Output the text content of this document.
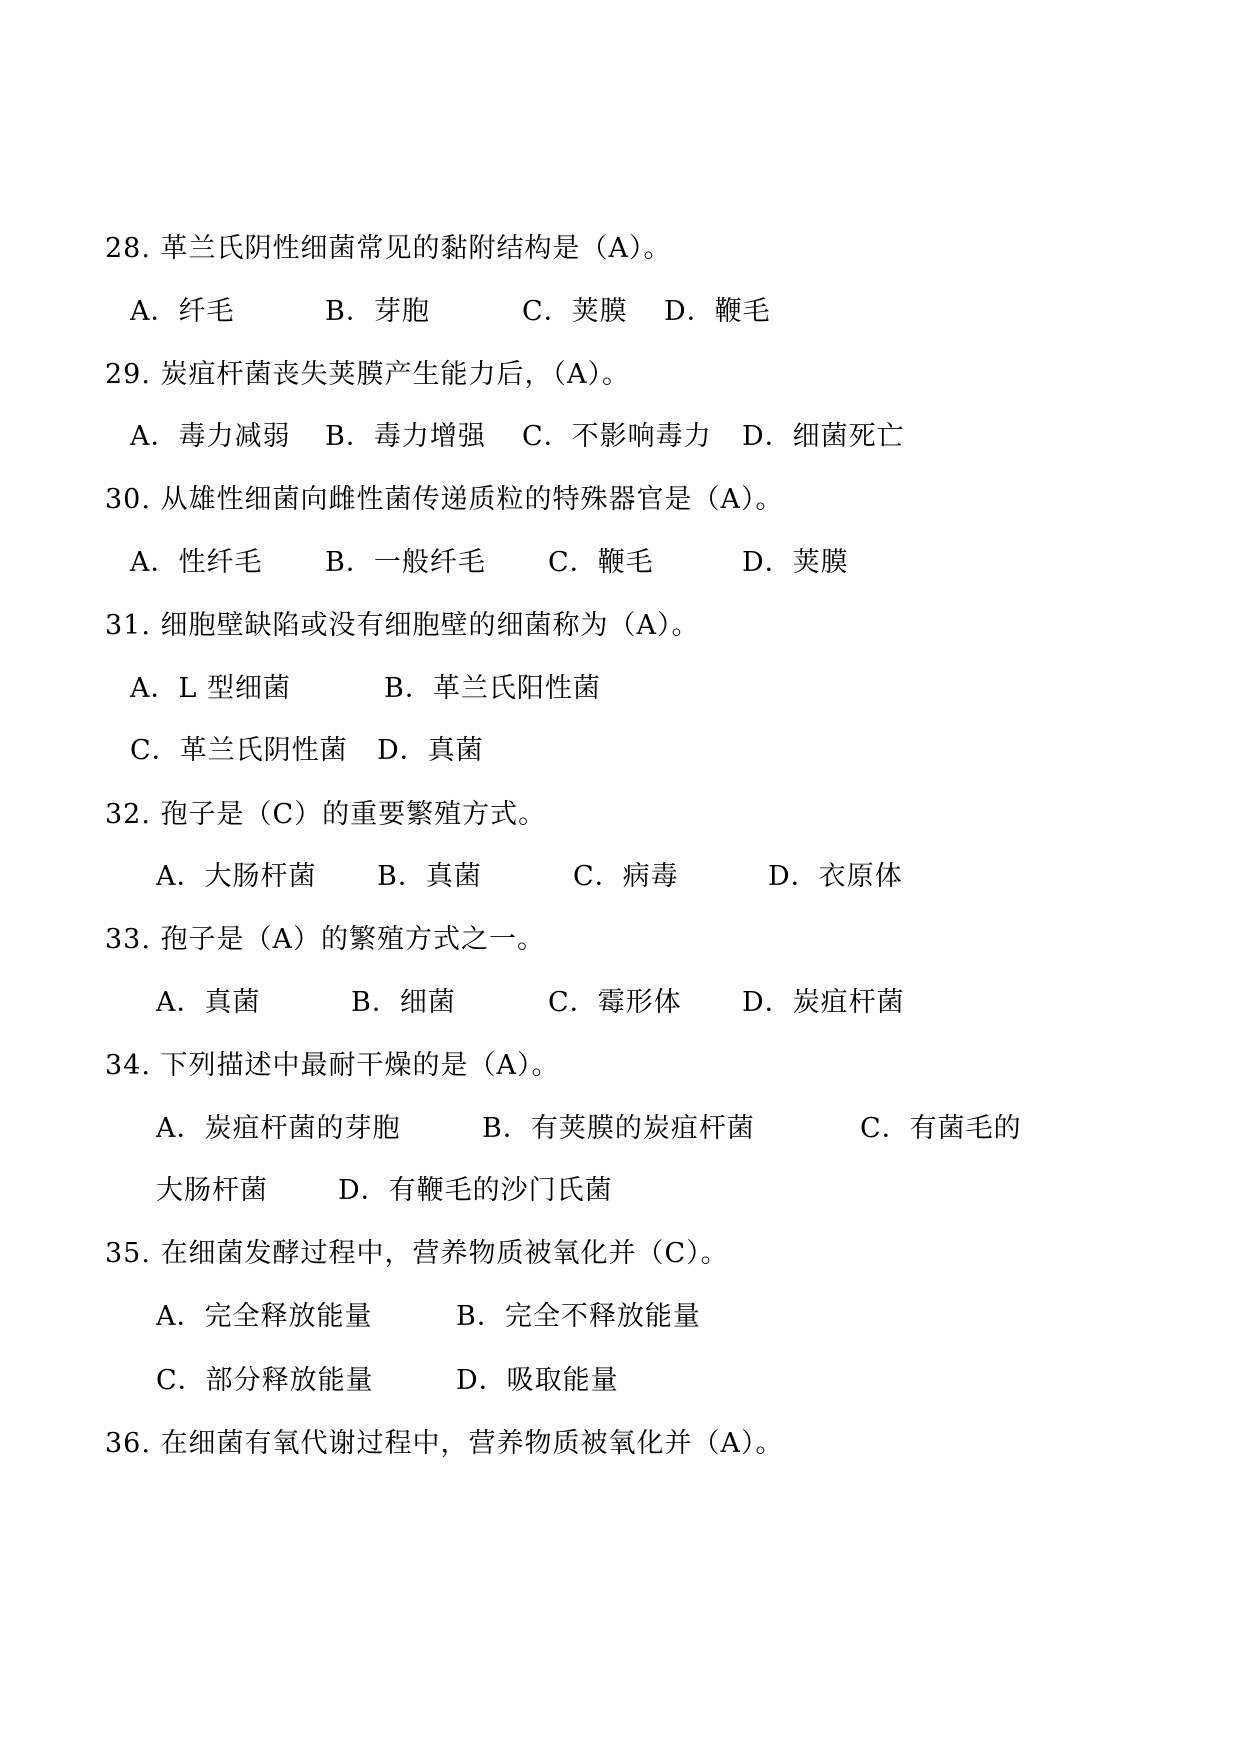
28. 革兰氏阴性细菌常见的黏附结构是（A）。
A．纤毛	B．芽胞	C．荚膜 D．鞭毛
29. 炭疽杆菌丧失荚膜产生能力后，（A）。
A．毒力减弱 B．毒力增强 C．不影响毒力 D．细菌死亡
30. 从雄性细菌向雌性菌传递质粒的特殊器官是（A）。
A．性纤毛 B．一般纤毛 C．鞭毛	D．荚膜
31. 细胞壁缺陷或没有细胞壁的细菌称为（A）。
A．L 型细菌	B．革兰氏阳性菌
C．革兰氏阴性菌 D．真菌
32. 孢子是（C）的重要繁殖方式。
A．大肠杆菌 B．真菌	C．病毒	D．衣原体
33. 孢子是（A）的繁殖方式之一。
A．真菌	B．细菌	C．霉形体 D．炭疽杆菌
34. 下列描述中最耐干燥的是（A）。
A．炭疽杆菌的芽胞	B．有荚膜的炭疽杆菌	C．有菌毛的
大肠杆菌	D．有鞭毛的沙门氏菌
35. 在细菌发酵过程中，营养物质被氧化并（C）。
A．完全释放能量	B．完全不释放能量
C．部分释放能量	D．吸取能量
36. 在细菌有氧代谢过程中，营养物质被氧化并（A）。
